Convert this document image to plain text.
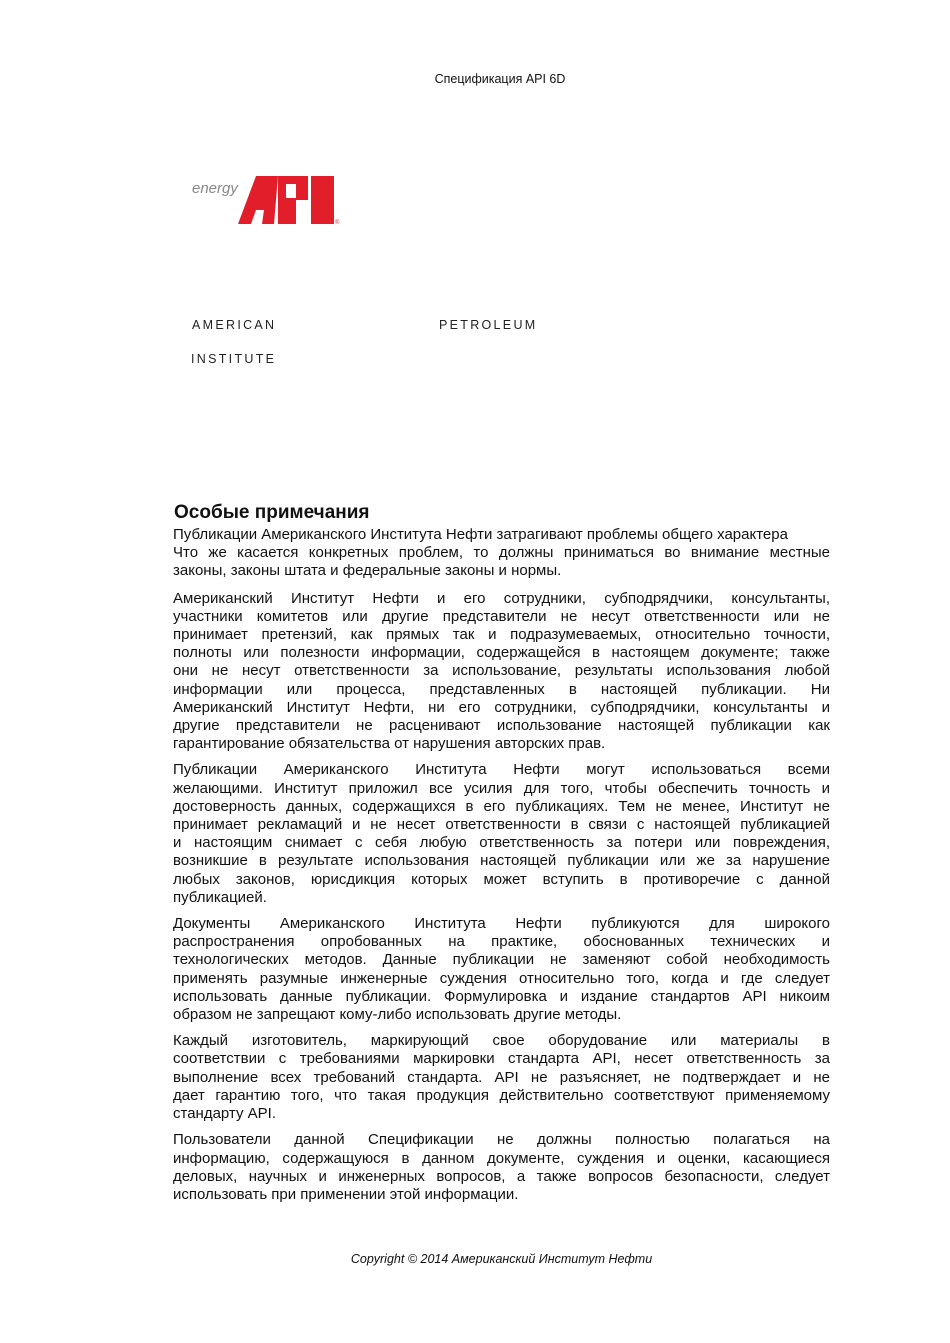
Спецификация API 6D
energy
®
AMERICAN	PETROLEUM
INSTITUTE
Особые примечания
Публикации Американского Института Нефти затрагивают проблемы общего характера
Что же касается конкретных проблем, то должны приниматься во внимание местные
законы, законы штата и федеральные законы и нормы.
Американский Институт Нефти и его сотрудники, субподрядчики, консультанты,
участники комитетов или другие представители не несут ответственности или не
принимает претензий, как прямых так и подразумеваемых, относительно точности,
полноты или полезности информации, содержащейся в настоящем документе; также
они не несут ответственности за использование, результаты использования любой
информации или процесса, представленных в настоящей публикации. Ни
Американский Институт Нефти, ни его сотрудники, субподрядчики, консультанты и
другие представители не расценивают использование настоящей публикации как
гарантирование обязательства от нарушения авторских прав.
Публикации Американского Института Нефти могут использоваться всеми
желающими. Институт приложил все усилия для того, чтобы обеспечить точность и
достоверность данных, содержащихся в его публикациях. Тем не менее, Институт не
принимает рекламаций и не несет ответственности в связи с настоящей публикацией
и настоящим снимает с себя любую ответственность за потери или повреждения,
возникшие в результате использования настоящей публикации или же за нарушение
любых законов, юрисдикция которых может вступить в противоречие с данной
публикацией.
Документы Американского Института Нефти публикуются для широкого
распространения опробованных на практике, обоснованных технических и
технологических методов. Данные публикации не заменяют собой необходимость
применять разумные инженерные суждения относительно того, когда и где следует
использовать данные публикации. Формулировка и издание стандартов API никоим
образом не запрещают кому-либо использовать другие методы.
Каждый изготовитель, маркирующий свое оборудование или материалы в
соответствии с требованиями маркировки стандарта API, несет ответственность за
выполнение всех требований стандарта. API не разъясняет, не подтверждает и не
дает гарантию того, что такая продукция действительно соответствуют применяемому
стандарту API.
Пользователи данной Спецификации не должны полностью полагаться на
информацию, содержащуюся в данном документе, суждения и оценки, касающиеся
деловых, научных и инженерных вопросов, а также вопросов безопасности, следует
использовать при применении этой информации.
Copyright © 2014 Американский Институт Нефти
